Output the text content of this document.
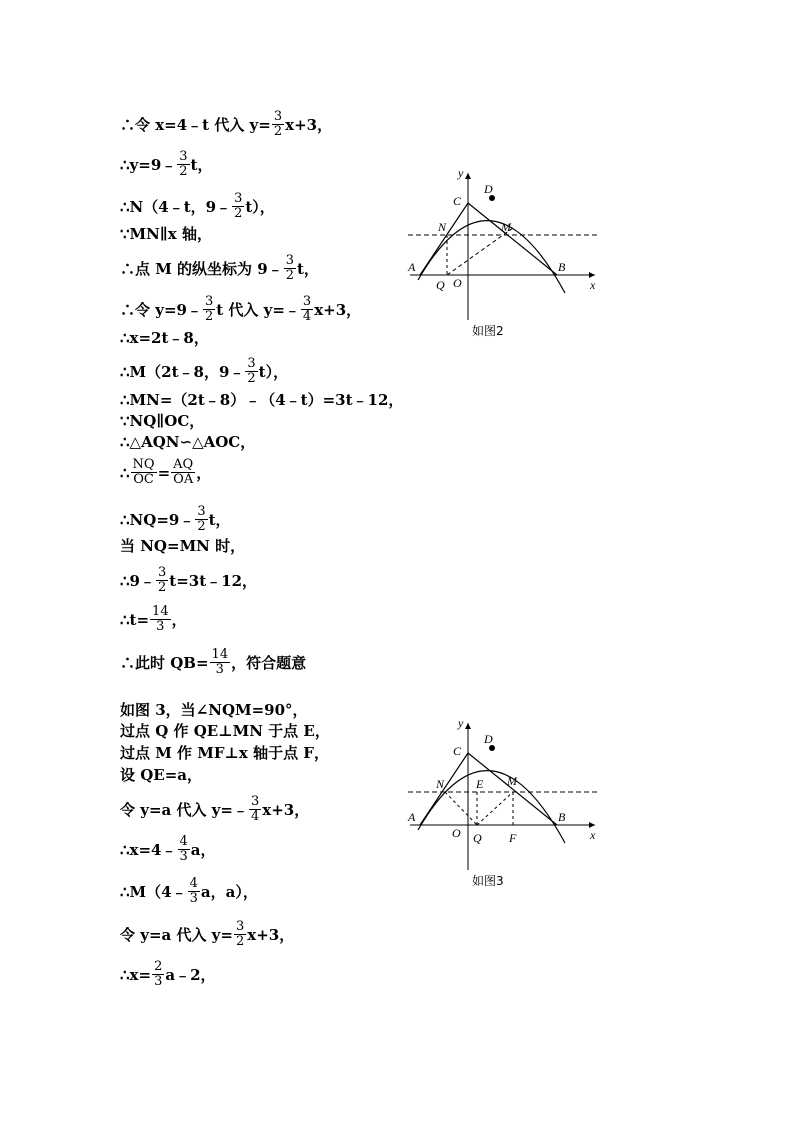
∴令 x=4﹣t 代入 $y= \frac{3}{2} x+3$，
∴y=9﹣ $\frac{3}{2}$ t，
∴N（4﹣t，9﹣ $\frac{3}{2} t$），
∵MN∥x 轴，
∴点 M 的纵坐标为 9﹣ $\frac{3}{2}$ t，
∴令 y=9﹣ $\frac{3}{2}$ t 代入 y=﹣ $\frac{3}{4} x+3$，
∴x=2t﹣8，
∴M（2t﹣8，9﹣ $\frac{3}{2} t$），
∴MN=（2t﹣8）﹣（4﹣t）=3t﹣12，
∵NQ∥OC，
∴△AQN∽△AOC，
∴ $\frac{NQ}{OC} = \frac{AQ}{OA}$ ，
∴NQ=9﹣ $\frac{3}{2}$ t，
当 NQ=MN 时，
∴9﹣ $\frac{3}{2}$ t=3t﹣12，
∴t= $\frac{14}{3}$ ，
∴此时 $QB= \frac{14}{3}$ ，符合题意
如图 3，当∠NQM=90°，
过点 Q 作 QE⊥MN 于点 E，
过点 M 作 MF⊥x 轴于点 F，
设 QE=a，
令 y=a 代入 y=﹣ $\frac{3}{4} x+3$，
∴x=4﹣ $\frac{4}{3}$ a，
∴M（4﹣ $\frac{4}{3}$ a，a），
令 y=a 代入 $y= \frac{3}{2} x+3$，
∴x= $\frac{2}{3}$ a﹣2，
y
x
C
D
N	M
A	B
Q O
如图2
y
x
C
D
N	E M
A	B
O Q F
如图3
